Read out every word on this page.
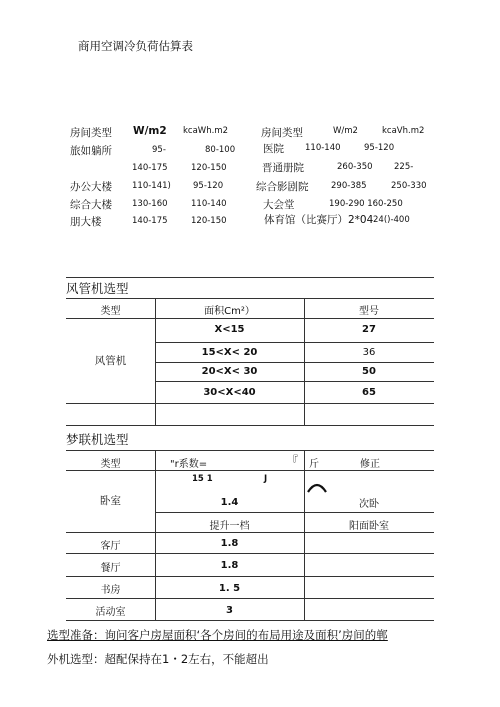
商用空调冷负荷估算表
房间类型 W/m2 kcaWh.m2	房间类型	W/m2	kcaVh.m2
旅如躺所	95-	80-100	医院 110-140	95-120
140-175	120-150	晋通册院	260-350	225-
办公大楼 110-141)	95-120	综合影剧院	290-385	250-330
综合大楼 130-160	110-140	大会堂	190-290 160-250
朋大楼	140-175	120-150	体育馆（比赛厅）2*04 24()-400
风管机选型
类型	面积Cm²）	型号
风管机
X<15	27
15<X< 20	36
20<X< 30	50
30<X<40	65
梦联机选型
类型	"r系数=	『 斤	修正
卧室
15 1	J
1.4	次卧
提升一档	阳面卧室
客厅	1.8
餐厅	1.8
书房	1. 5
活动室	3
选型准备：询问客户房屋面积‘各个房间的布局用途及面积’房间的郸
外机选型：超配保持在1・2左右，不能超出
